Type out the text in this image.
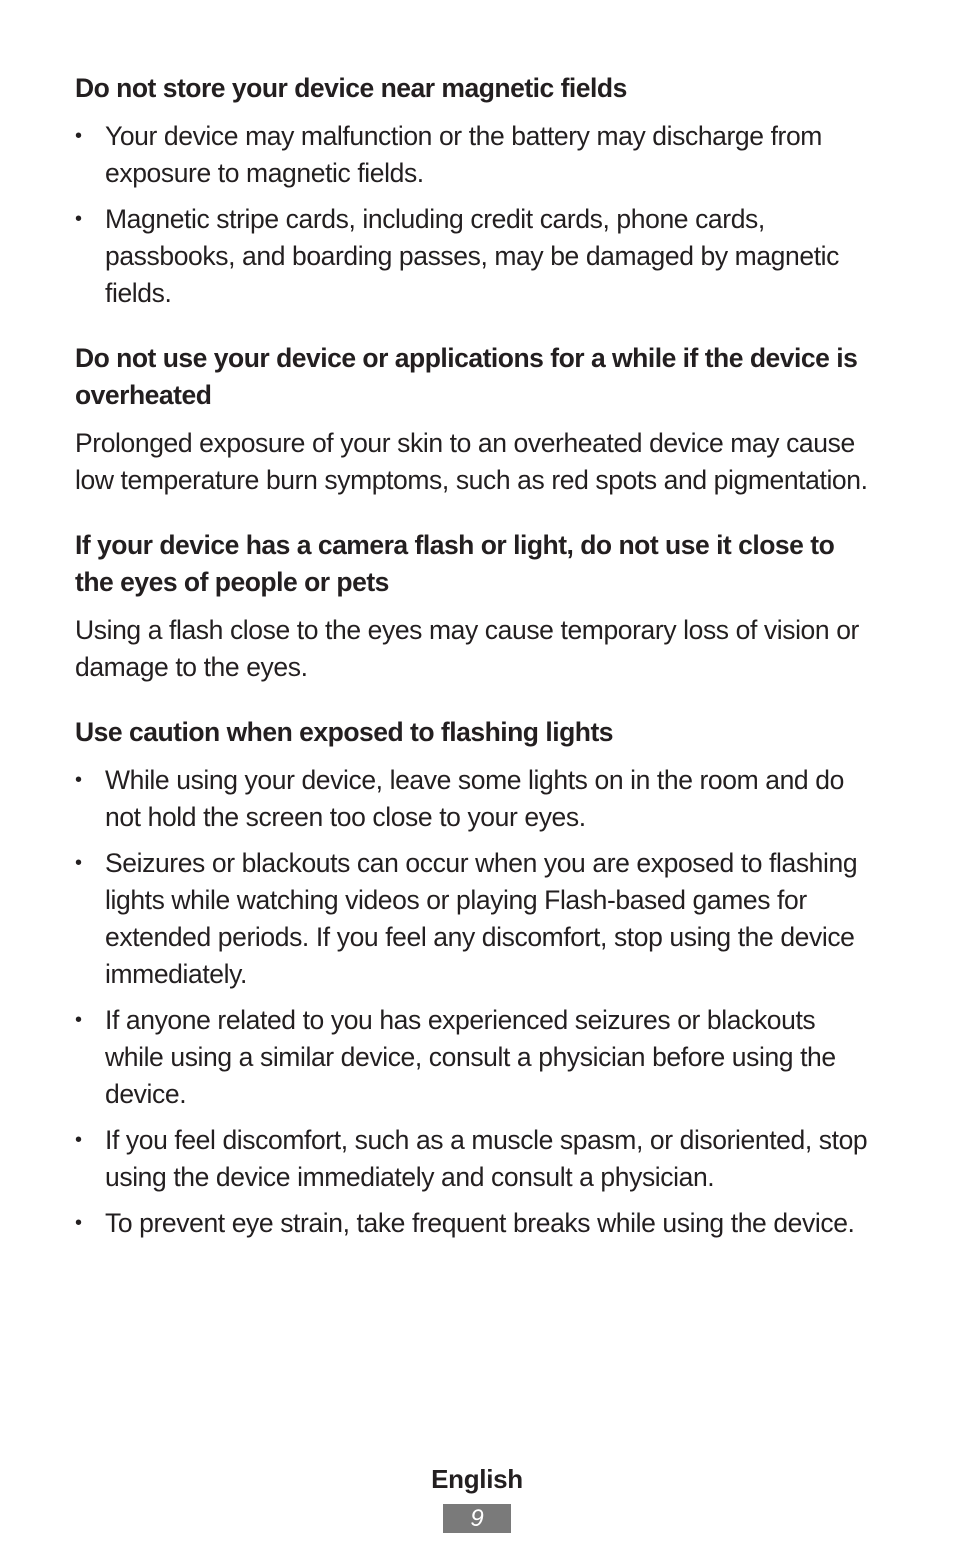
Do not store your device near magnetic fields
• Your device may malfunction or the battery may discharge from exposure to magnetic fields.
• Magnetic stripe cards, including credit cards, phone cards, passbooks, and boarding passes, may be damaged by magnetic fields.
Do not use your device or applications for a while if the device is overheated

Prolonged exposure of your skin to an overheated device may cause low temperature burn symptoms, such as red spots and pigmentation.

If your device has a camera flash or light, do not use it close to the eyes of people or pets

Using a flash close to the eyes may cause temporary loss of vision or damage to the eyes.

Use caution when exposed to flashing lights
• While using your device, leave some lights on in the room and do not hold the screen too close to your eyes.
• Seizures or blackouts can occur when you are exposed to flashing lights while watching videos or playing Flash-based games for extended periods. If you feel any discomfort, stop using the device immediately.
• If anyone related to you has experienced seizures or blackouts while using a similar device, consult a physician before using the device.
• If you feel discomfort, such as a muscle spasm, or disoriented, stop using the device immediately and consult a physician.
• To prevent eye strain, take frequent breaks while using the device.
English
9
